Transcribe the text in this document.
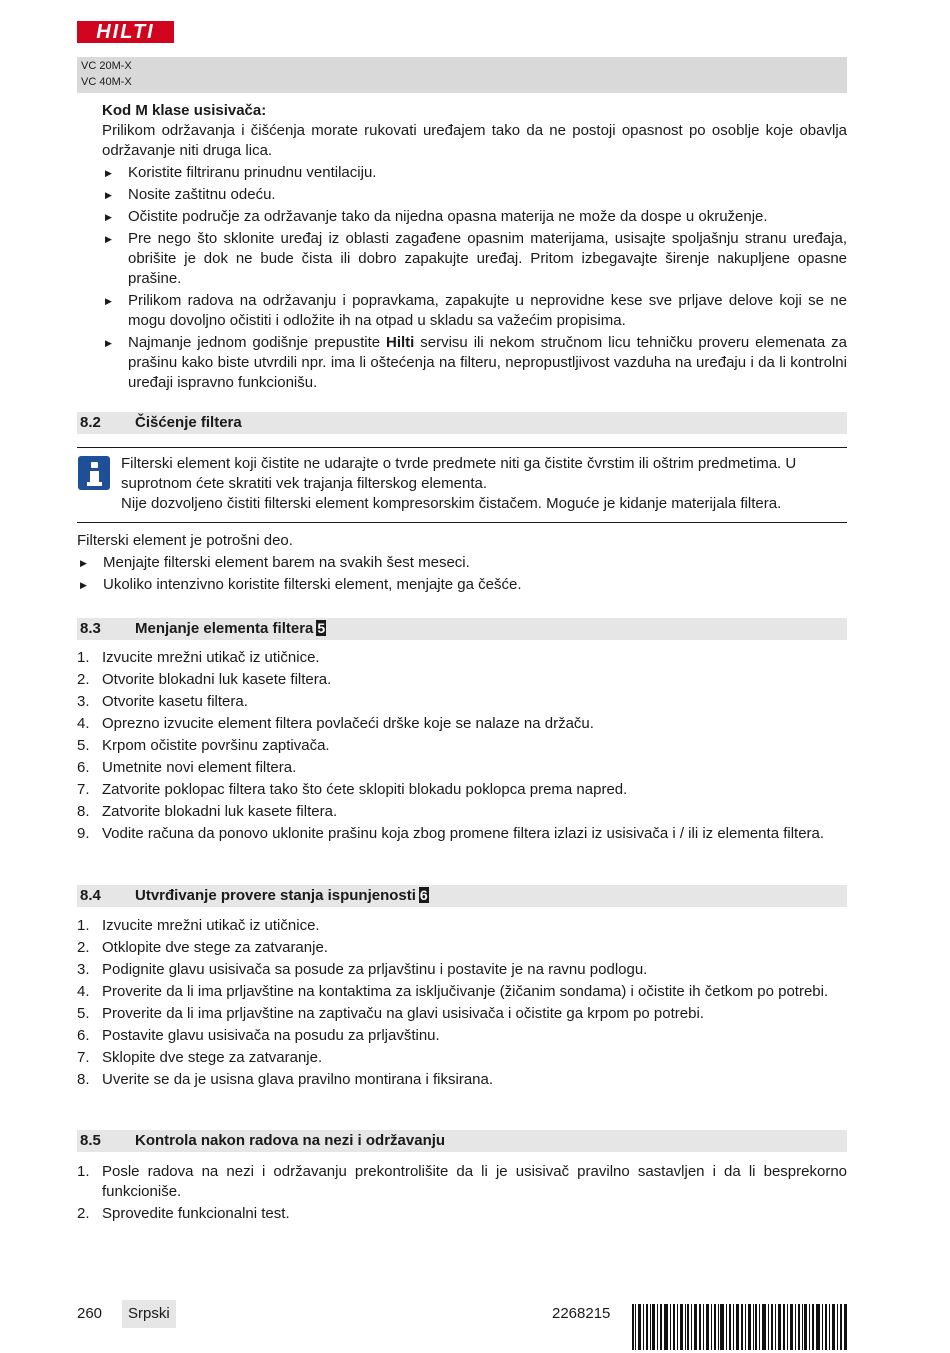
HILTI
VC 20M-X
VC 40M-X
Kod M klase usisivača:
Prilikom održavanja i čišćenja morate rukovati uređajem tako da ne postoji opasnost po osoblje koje obavlja održavanje niti druga lica.
▶ Koristite filtriranu prinudnu ventilaciju.
▶ Nosite zaštitnu odeću.
▶ Očistite područje za održavanje tako da nijedna opasna materija ne može da dospe u okruženje.
▶ Pre nego što sklonite uređaj iz oblasti zagađene opasnim materijama, usisajte spoljašnju stranu uređaja, obrišite je dok ne bude čista ili dobro zapakujte uređaj. Pritom izbegavajte širenje nakupljene opasne prašine.
▶ Prilikom radova na održavanju i popravkama, zapakujte u neprovidne kese sve prljave delove koji se ne mogu dovoljno očistiti i odložite ih na otpad u skladu sa važećim propisima.
▶ Najmanje jednom godišnje prepustite Hilti servisu ili nekom stručnom licu tehničku proveru elemenata za prašinu kako biste utvrdili npr. ima li oštećenja na filteru, nepropustljivost vazduha na uređaju i da li kontrolni uređaji ispravno funkcionišu.
8.2 Čišćenje filtera
Filterski element koji čistite ne udarajte o tvrde predmete niti ga čistite čvrstim ili oštrim predmetima. U suprotnom ćete skratiti vek trajanja filterskog elementa.
Nije dozvoljeno čistiti filterski element kompresorskim čistačem. Moguće je kidanje materijala filtera.
Filterski element je potrošni deo.
▶ Menjajte filterski element barem na svakih šest meseci.
▶ Ukoliko intenzivno koristite filterski element, menjajte ga češće.
8.3 Menjanje elementa filtera 5
1. Izvucite mrežni utikač iz utičnice.
2. Otvorite blokadni luk kasete filtera.
3. Otvorite kasetu filtera.
4. Oprezno izvucite element filtera povlačeći drške koje se nalaze na držaču.
5. Krpom očistite površinu zaptivača.
6. Umetnite novi element filtera.
7. Zatvorite poklopac filtera tako što ćete sklopiti blokadu poklopca prema napred.
8. Zatvorite blokadni luk kasete filtera.
9. Vodite računa da ponovo uklonite prašinu koja zbog promene filtera izlazi iz usisivača i / ili iz elementa filtera.
8.4 Utvrđivanje provere stanja ispunjenosti 6
1. Izvucite mrežni utikač iz utičnice.
2. Otklopite dve stege za zatvaranje.
3. Podignite glavu usisivača sa posude za prljavštinu i postavite je na ravnu podlogu.
4. Proverite da li ima prljavštine na kontaktima za isključivanje (žičanim sondama) i očistite ih četkom po potrebi.
5. Proverite da li ima prljavštine na zaptivaču na glavi usisivača i očistite ga krpom po potrebi.
6. Postavite glavu usisivača na posudu za prljavštinu.
7. Sklopite dve stege za zatvaranje.
8. Uverite se da je usisna glava pravilno montirana i fiksirana.
8.5 Kontrola nakon radova na nezi i održavanju
1. Posle radova na nezi i održavanju prekontrolišite da li je usisivač pravilno sastavljen i da li besprekorno funkcioniše.
2. Sprovedite funkcionalni test.
260	Srpski	2268215
